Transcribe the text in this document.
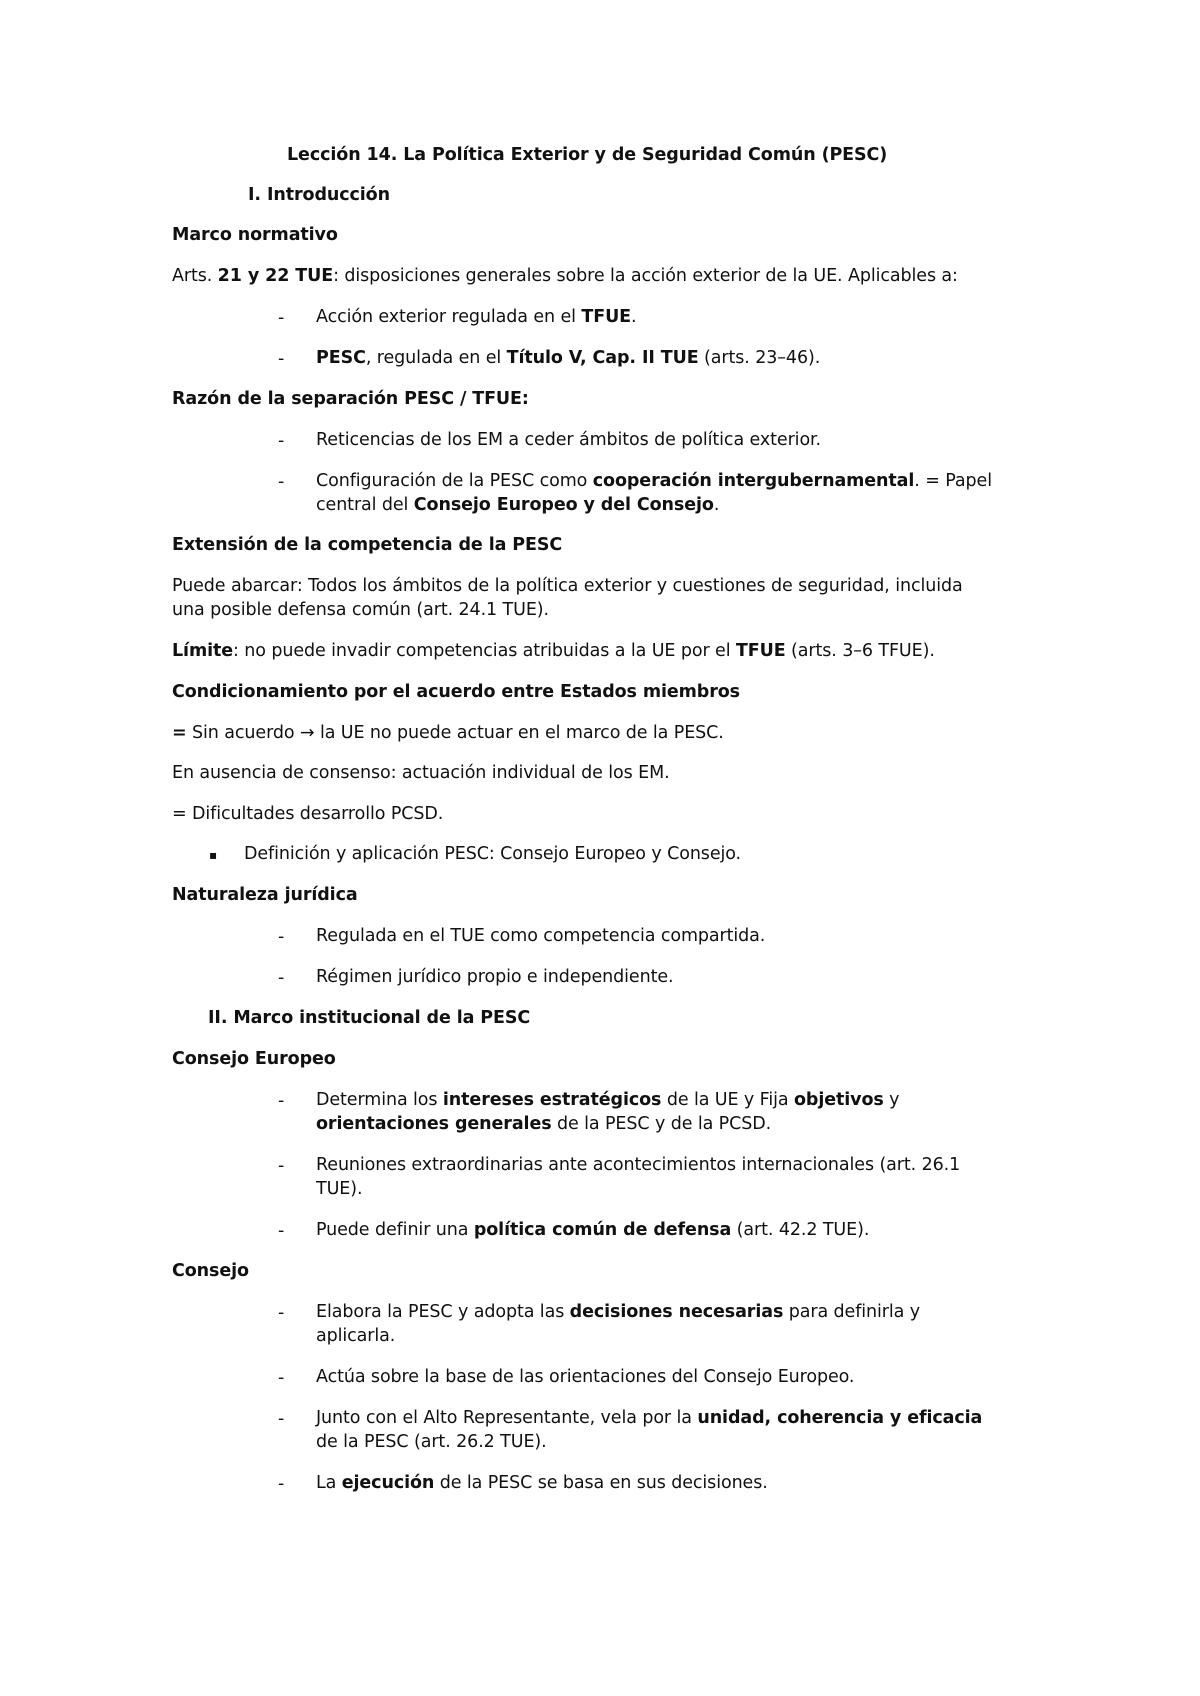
Lección 14. La Política Exterior y de Seguridad Común (PESC)
I. Introducción
Marco normativo
Arts. 21 y 22 TUE: disposiciones generales sobre la acción exterior de la UE. Aplicables a:
- Acción exterior regulada en el TFUE.
- PESC, regulada en el Título V, Cap. II TUE (arts. 23–46).
Razón de la separación PESC / TFUE:
- Reticencias de los EM a ceder ámbitos de política exterior.
- Configuración de la PESC como cooperación intergubernamental. = Papel
central del Consejo Europeo y del Consejo.
Extensión de la competencia de la PESC
Puede abarcar: Todos los ámbitos de la política exterior y cuestiones de seguridad, incluida
una posible defensa común (art. 24.1 TUE).
Límite: no puede invadir competencias atribuidas a la UE por el TFUE (arts. 3–6 TFUE).
Condicionamiento por el acuerdo entre Estados miembros
= Sin acuerdo → la UE no puede actuar en el marco de la PESC.
En ausencia de consenso: actuación individual de los EM.
= Dificultades desarrollo PCSD.
▪ Definición y aplicación PESC: Consejo Europeo y Consejo.
Naturaleza jurídica
- Regulada en el TUE como competencia compartida.
- Régimen jurídico propio e independiente.
II. Marco institucional de la PESC
Consejo Europeo
- Determina los intereses estratégicos de la UE y Fija objetivos y
orientaciones generales de la PESC y de la PCSD.
- Reuniones extraordinarias ante acontecimientos internacionales (art. 26.1
TUE).
- Puede definir una política común de defensa (art. 42.2 TUE).
Consejo
- Elabora la PESC y adopta las decisiones necesarias para definirla y
aplicarla.
- Actúa sobre la base de las orientaciones del Consejo Europeo.
- Junto con el Alto Representante, vela por la unidad, coherencia y eficacia
de la PESC (art. 26.2 TUE).
- La ejecución de la PESC se basa en sus decisiones.
